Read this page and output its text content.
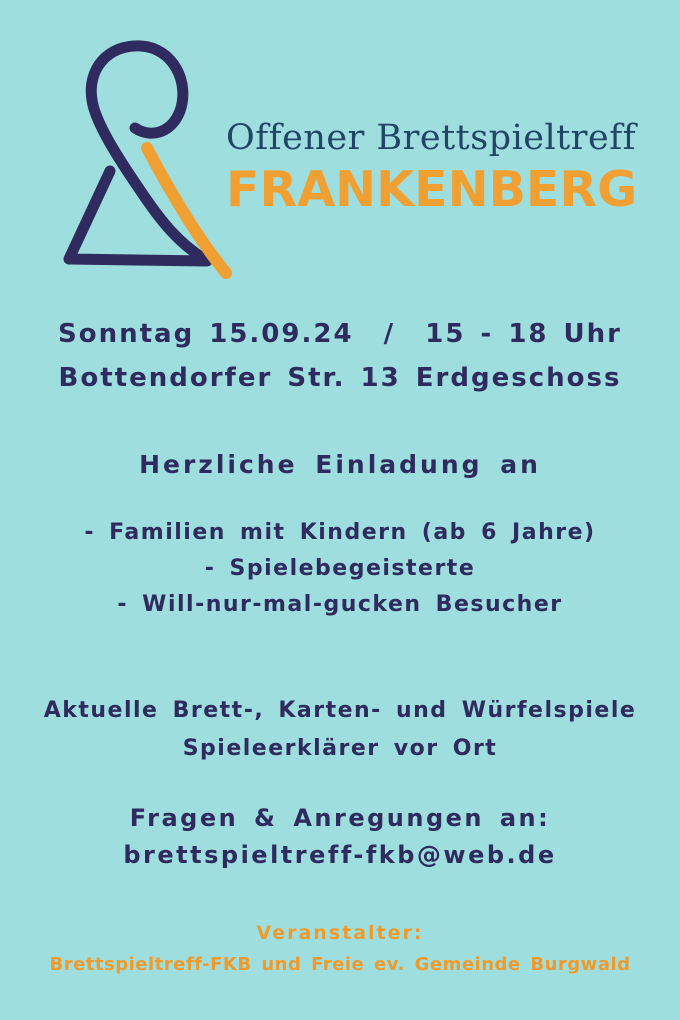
Offener Brettspieltreff
FRANKENBERG
Sonntag 15.09.24  /  15 - 18 Uhr
Bottendorfer Str. 13 Erdgeschoss
Herzliche Einladung an
- Familien mit Kindern (ab 6 Jahre)
- Spielebegeisterte
- Will-nur-mal-gucken Besucher
Aktuelle Brett-, Karten- und Würfelspiele
Spieleerklärer vor Ort
Fragen & Anregungen an:
brettspieltreff-fkb@web.de
Veranstalter:
Brettspieltreff-FKB und Freie ev. Gemeinde Burgwald
